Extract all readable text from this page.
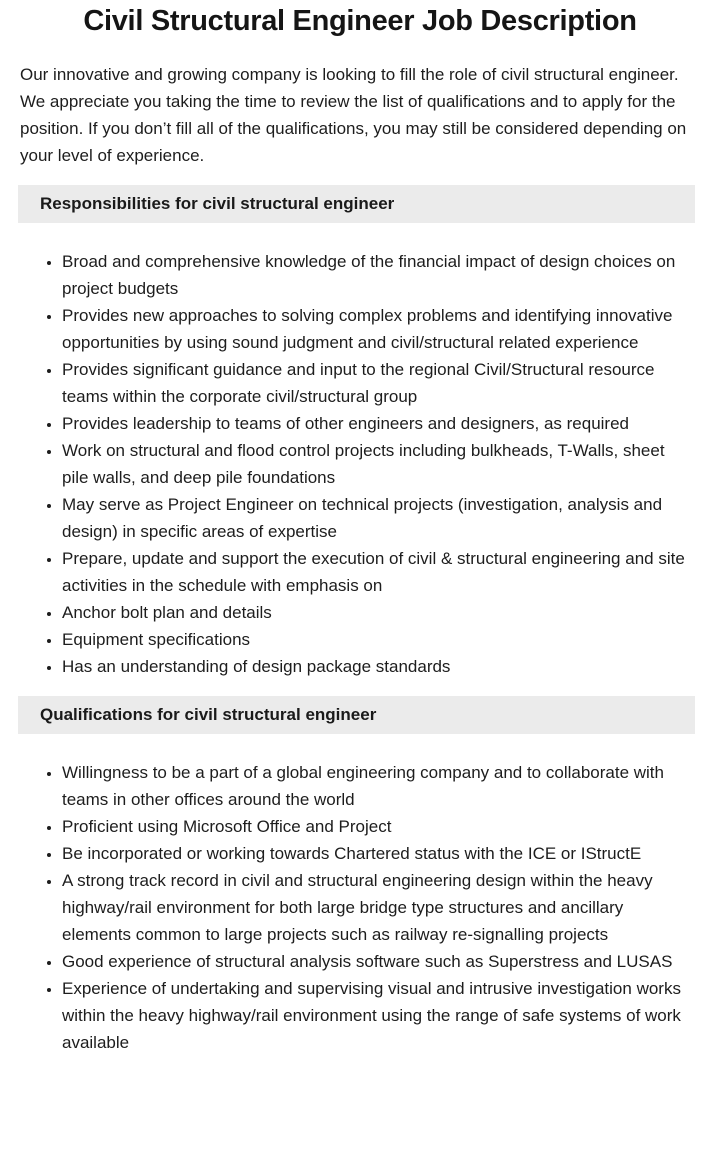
Civil Structural Engineer Job Description

Our innovative and growing company is looking to fill the role of civil structural engineer. We appreciate you taking the time to review the list of qualifications and to apply for the position. If you don’t fill all of the qualifications, you may still be considered depending on your level of experience.

Responsibilities for civil structural engineer
• Broad and comprehensive knowledge of the financial impact of design choices on project budgets
• Provides new approaches to solving complex problems and identifying innovative opportunities by using sound judgment and civil/structural related experience
• Provides significant guidance and input to the regional Civil/Structural resource teams within the corporate civil/structural group
• Provides leadership to teams of other engineers and designers, as required
• Work on structural and flood control projects including bulkheads, T-Walls, sheet pile walls, and deep pile foundations
• May serve as Project Engineer on technical projects (investigation, analysis and design) in specific areas of expertise
• Prepare, update and support the execution of civil & structural engineering and site activities in the schedule with emphasis on
• Anchor bolt plan and details
• Equipment specifications
• Has an understanding of design package standards
Qualifications for civil structural engineer
• Willingness to be a part of a global engineering company and to collaborate with teams in other offices around the world
• Proficient using Microsoft Office and Project
• Be incorporated or working towards Chartered status with the ICE or IStructE
• A strong track record in civil and structural engineering design within the heavy highway/rail environment for both large bridge type structures and ancillary elements common to large projects such as railway re-signalling projects
• Good experience of structural analysis software such as Superstress and LUSAS
• Experience of undertaking and supervising visual and intrusive investigation works within the heavy highway/rail environment using the range of safe systems of work available
